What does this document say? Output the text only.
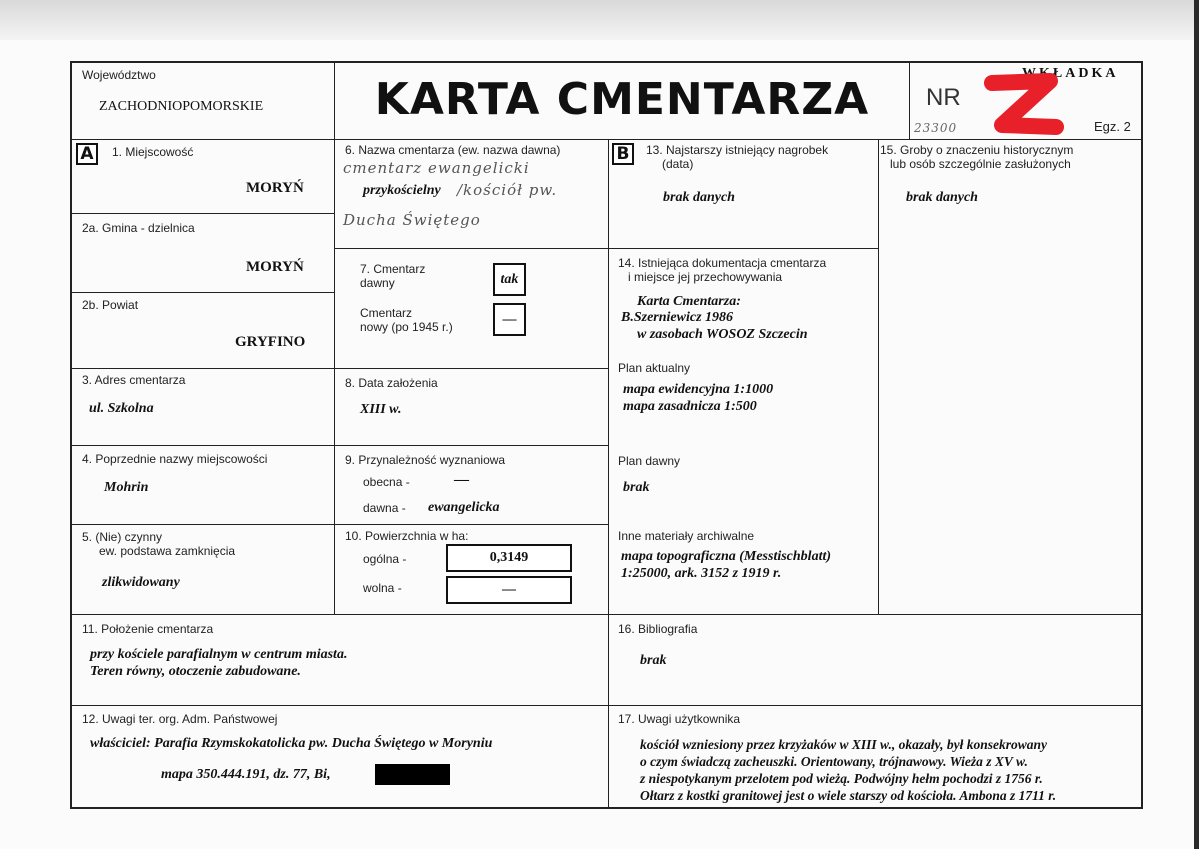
Województwo
ZACHODNIOPOMORSKIE	KARTA CMENTARZA	NR
23300
WKŁADKA
Egz. 2
A	1. Miejscowość
MORYŃ
2a. Gmina - dzielnica
MORYŃ
2b. Powiat
GRYFINO
3. Adres cmentarza
ul. Szkolna
4. Poprzednie nazwy miejscowości
Mohrin
5. (Nie) czynny
ew. podstawa zamknięcia
zlikwidowany
6. Nazwa cmentarza (ew. nazwa dawna)
cmentarz ewangelicki
przykościelny /kościół pw.
Ducha Świętego
7. Cmentarz
dawny	tak
Cmentarz
nowy (po 1945 r.)	—
8. Data założenia
XIII w.
9. Przynależność wyznaniowa
obecna -	—
dawna - ewangelicka
10. Powierzchnia w ha:
ogólna -	0,3149
wolna -	—
B	13. Najstarszy istniejący nagrobek
(data)
brak danych
14. Istniejąca dokumentacja cmentarza
i miejsce jej przechowywania
Karta Cmentarza:
B.Szerniewicz 1986
w zasobach WOSOZ Szczecin
Plan aktualny
mapa ewidencyjna 1:1000
mapa zasadnicza 1:500
Plan dawny
brak
Inne materiały archiwalne
mapa topograficzna (Messtischblatt)
1:25000, ark. 3152 z 1919 r.
15. Groby o znaczeniu historycznym
lub osób szczególnie zasłużonych
brak danych
11. Położenie cmentarza
przy kościele parafialnym w centrum miasta.
Teren równy, otoczenie zabudowane.
16. Bibliografia
brak
12. Uwagi ter. org. Adm. Państwowej
właściciel: Parafia Rzymskokatolicka pw. Ducha Świętego w Moryniu
mapa 350.444.191, dz. 77, Bi,
17. Uwagi użytkownika
kościół wzniesiony przez krzyżaków w XIII w., okazały, był konsekrowany
o czym świadczą zacheuszki. Orientowany, trójnawowy. Wieża z XV w.
z niespotykanym przelotem pod wieżą. Podwójny hełm pochodzi z 1756 r.
Ołtarz z kostki granitowej jest o wiele starszy od kościoła. Ambona z 1711 r.
